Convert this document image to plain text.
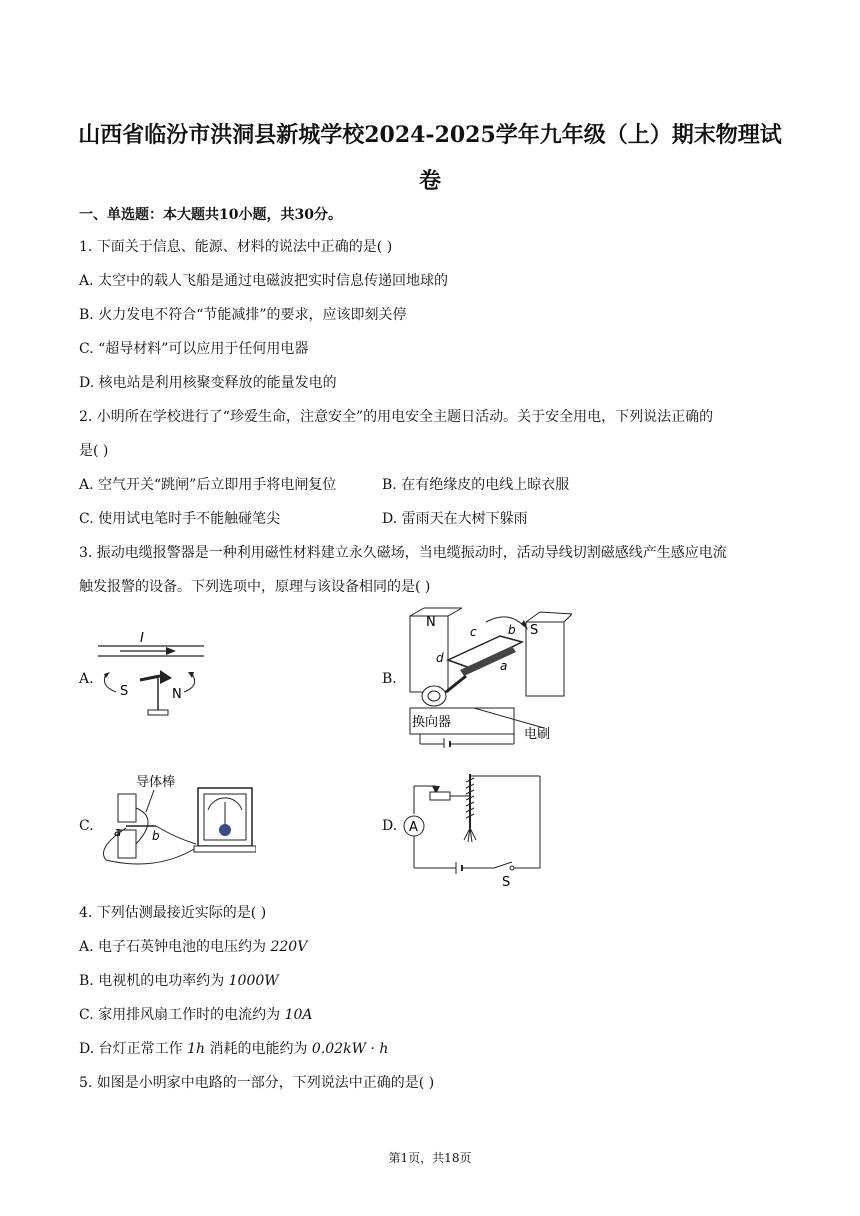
山西省临汾市洪洞县新城学校2024-2025学年九年级（上）期末物理试卷
一、单选题：本大题共10小题，共30分。
1. 下面关于信息、能源、材料的说法中正确的是( )
A. 太空中的载人飞船是通过电磁波把实时信息传递回地球的
B. 火力发电不符合“节能减排”的要求，应该即刻关停
C. “超导材料”可以应用于任何用电器
D. 核电站是利用核聚变释放的能量发电的
2. 小明所在学校进行了“珍爱生命，注意安全”的用电安全主题日活动。关于安全用电，下列说法正确的
是( )
A. 空气开关“跳闸”后立即用手将电闸复位	B. 在有绝缘皮的电线上晾衣服
C. 使用试电笔时手不能触碰笔尖	D. 雷雨天在大树下躲雨
3. 振动电缆报警器是一种利用磁性材料建立永久磁场，当电缆振动时，活动导线切割磁感线产生感应电流
触发报警的设备。下列选项中，原理与该设备相同的是( )
A.
I
S	N
B.
N
S
c	b
d
a
换向器
电刷
C.
导体棒
a	b
D. A
S
4. 下列估测最接近实际的是( )
A. 电子石英钟电池的电压约为 220V
B. 电视机的电功率约为 1000W
C. 家用排风扇工作时的电流约为 10A
D. 台灯正常工作 1h 消耗的电能约为 0.02kW · h
5. 如图是小明家中电路的一部分，下列说法中正确的是( )
第1页，共18页
